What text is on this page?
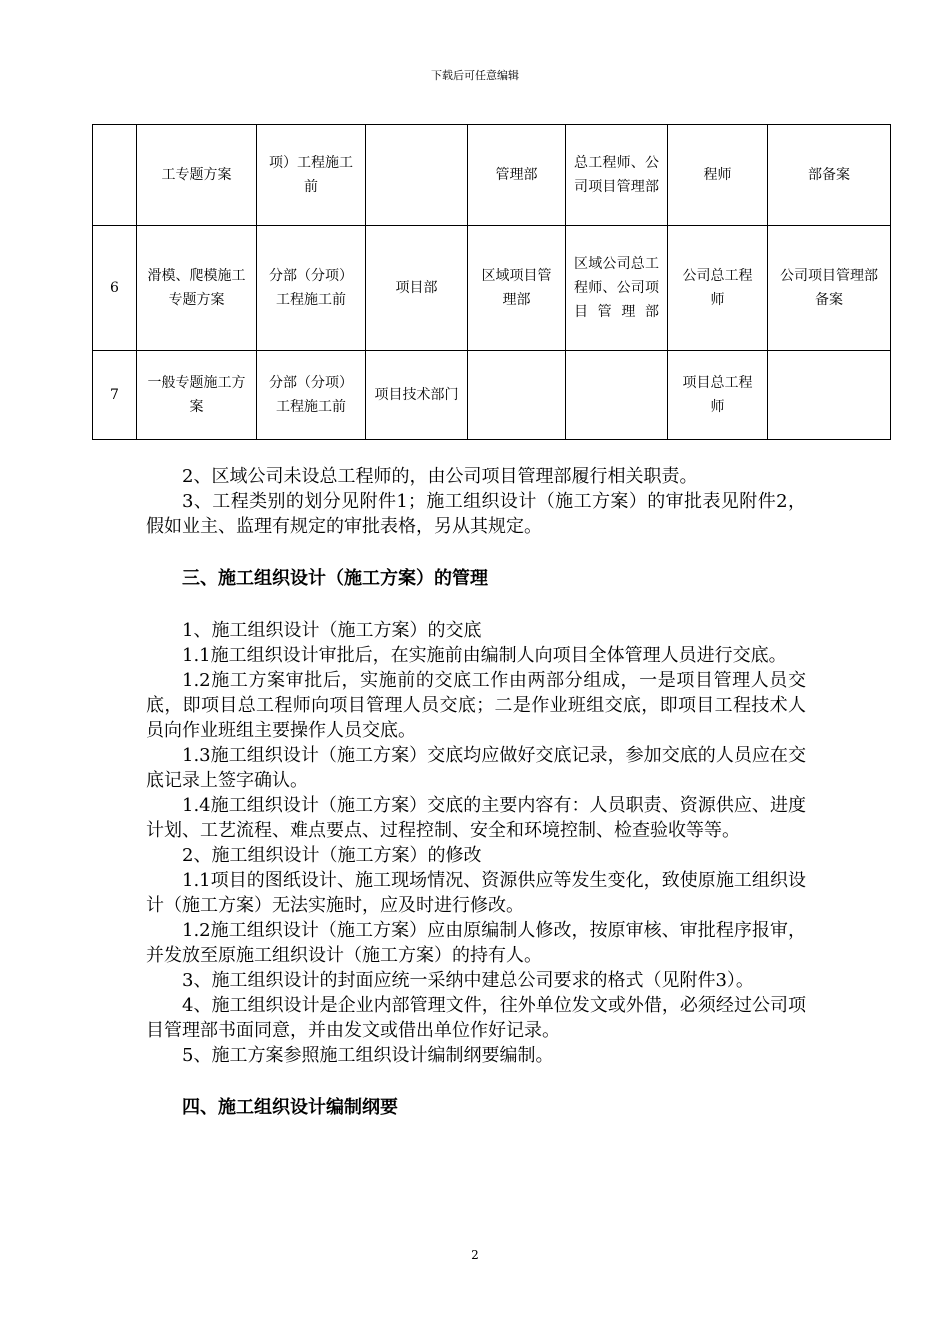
下载后可任意编辑
	工专题方案	项）工程施工前		管理部	总工程师、公司项目管理部	程师	部备案
6	滑模、爬模施工专题方案	分部（分项）工程施工前	项目部	区域项目管理部	区域公司总工程师、公司项目管理部	公司总工程师	公司项目管理部备案
7	一般专题施工方案	分部（分项）工程施工前	项目技术部门			项目总工程师	

2、区域公司未设总工程师的，由公司项目管理部履行相关职责。

3、工程类别的划分见附件1；施工组织设计（施工方案）的审批表见附件2，假如业主、监理有规定的审批表格，另从其规定。

三、施工组织设计（施工方案）的管理

1、施工组织设计（施工方案）的交底

1.1施工组织设计审批后，在实施前由编制人向项目全体管理人员进行交底。

1.2施工方案审批后，实施前的交底工作由两部分组成，一是项目管理人员交底，即项目总工程师向项目管理人员交底；二是作业班组交底，即项目工程技术人员向作业班组主要操作人员交底。

1.3施工组织设计（施工方案）交底均应做好交底记录，参加交底的人员应在交底记录上签字确认。

1.4施工组织设计（施工方案）交底的主要内容有：人员职责、资源供应、进度计划、工艺流程、难点要点、过程控制、安全和环境控制、检查验收等等。

2、施工组织设计（施工方案）的修改

1.1项目的图纸设计、施工现场情况、资源供应等发生变化，致使原施工组织设计（施工方案）无法实施时，应及时进行修改。

1.2施工组织设计（施工方案）应由原编制人修改，按原审核、审批程序报审，并发放至原施工组织设计（施工方案）的持有人。

3、施工组织设计的封面应统一采纳中建总公司要求的格式（见附件3）。

4、施工组织设计是企业内部管理文件，往外单位发文或外借，必须经过公司项目管理部书面同意，并由发文或借出单位作好记录。

5、施工方案参照施工组织设计编制纲要编制。

四、施工组织设计编制纲要
2
